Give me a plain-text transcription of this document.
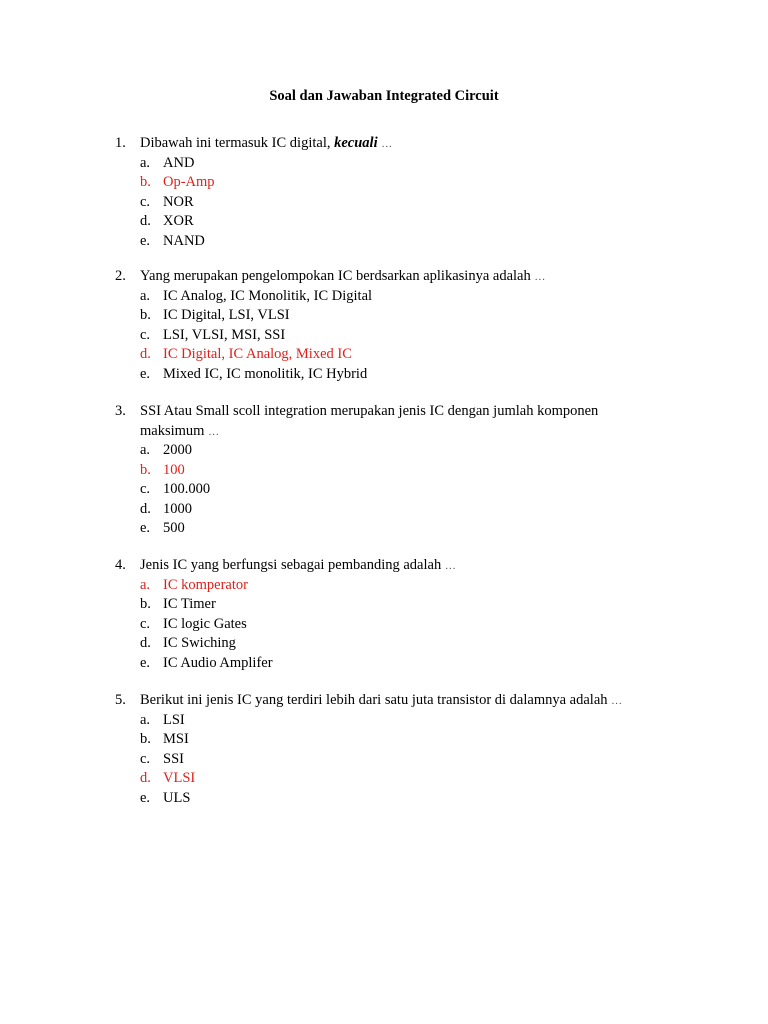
Soal dan Jawaban Integrated Circuit
1. Dibawah ini termasuk IC digital, kecuali …
a. AND
b. Op-Amp
c. NOR
d. XOR
e. NAND
2. Yang merupakan pengelompokan IC berdsarkan aplikasinya adalah …
a. IC Analog, IC Monolitik, IC Digital
b. IC Digital, LSI, VLSI
c. LSI, VLSI, MSI, SSI
d. IC Digital, IC Analog, Mixed IC
e. Mixed IC, IC monolitik, IC Hybrid
3. SSI Atau Small scoll integration merupakan jenis IC dengan jumlah komponen
maksimum …
a. 2000
b. 100
c. 100.000
d. 1000
e. 500
4. Jenis IC yang berfungsi sebagai pembanding adalah …
a. IC komperator
b. IC Timer
c. IC logic Gates
d. IC Swiching
e. IC Audio Amplifer
5. Berikut ini jenis IC yang terdiri lebih dari satu juta transistor di dalamnya adalah …
a. LSI
b. MSI
c. SSI
d. VLSI
e. ULS
